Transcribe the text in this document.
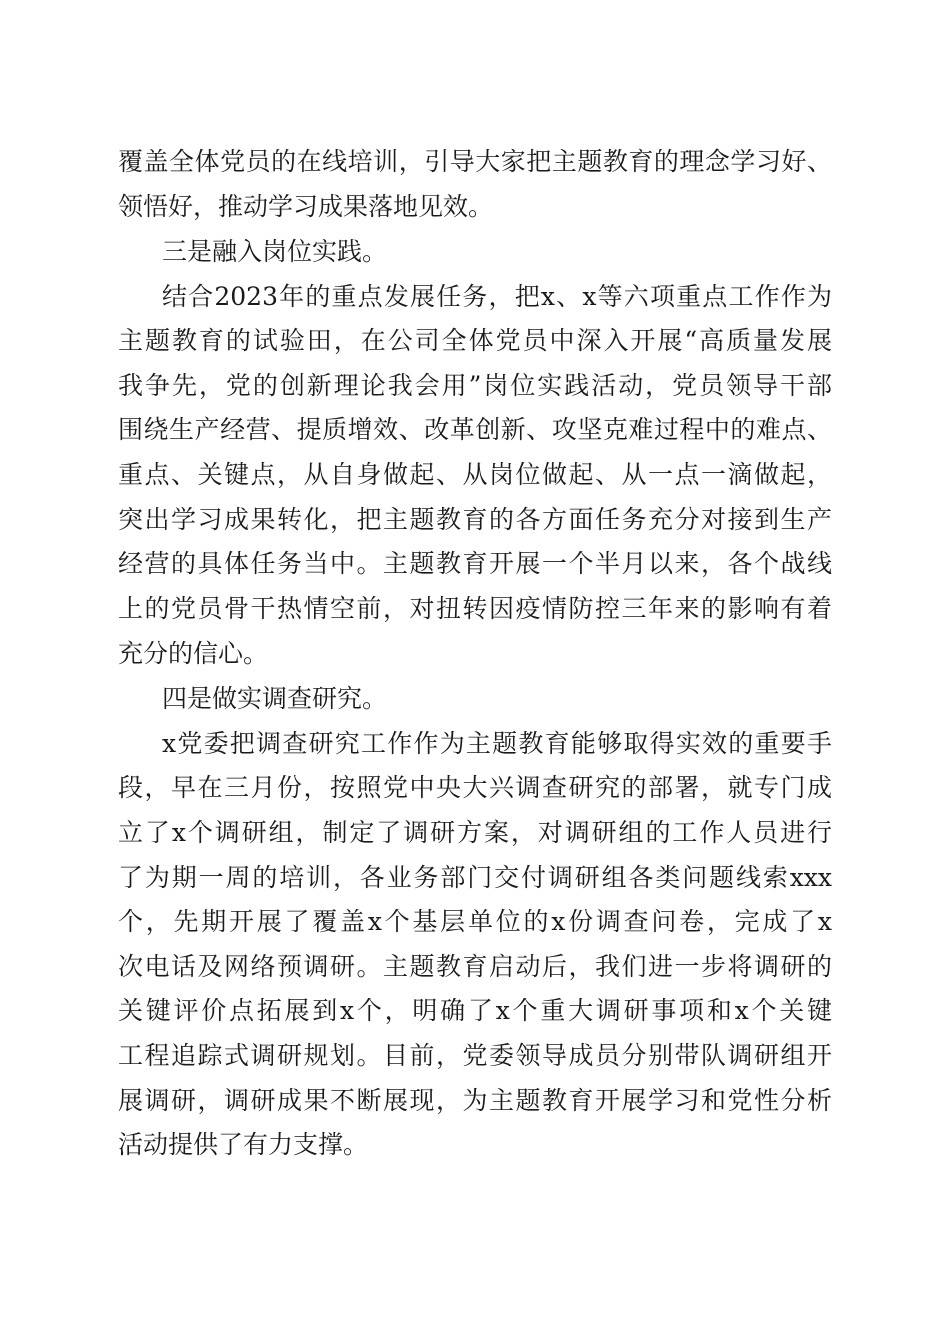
覆盖全体党员的在线培训，引导大家把主题教育的理念学习好、
领悟好，推动学习成果落地见效。
三是融入岗位实践。
结合2023年的重点发展任务，把x、x等六项重点工作作为
主题教育的试验田，在公司全体党员中深入开展“高质量发展
我争先，党的创新理论我会用”岗位实践活动，党员领导干部
围绕生产经营、提质增效、改革创新、攻坚克难过程中的难点、
重点、关键点，从自身做起、从岗位做起、从一点一滴做起，
突出学习成果转化，把主题教育的各方面任务充分对接到生产
经营的具体任务当中。主题教育开展一个半月以来，各个战线
上的党员骨干热情空前，对扭转因疫情防控三年来的影响有着
充分的信心。
四是做实调查研究。
x党委把调查研究工作作为主题教育能够取得实效的重要手
段，早在三月份，按照党中央大兴调查研究的部署，就专门成
立了x个调研组，制定了调研方案，对调研组的工作人员进行
了为期一周的培训，各业务部门交付调研组各类问题线索xxx
个，先期开展了覆盖x个基层单位的x份调查问卷，完成了x
次电话及网络预调研。主题教育启动后，我们进一步将调研的
关键评价点拓展到x个，明确了x个重大调研事项和x个关键
工程追踪式调研规划。目前，党委领导成员分别带队调研组开
展调研，调研成果不断展现，为主题教育开展学习和党性分析
活动提供了有力支撑。
